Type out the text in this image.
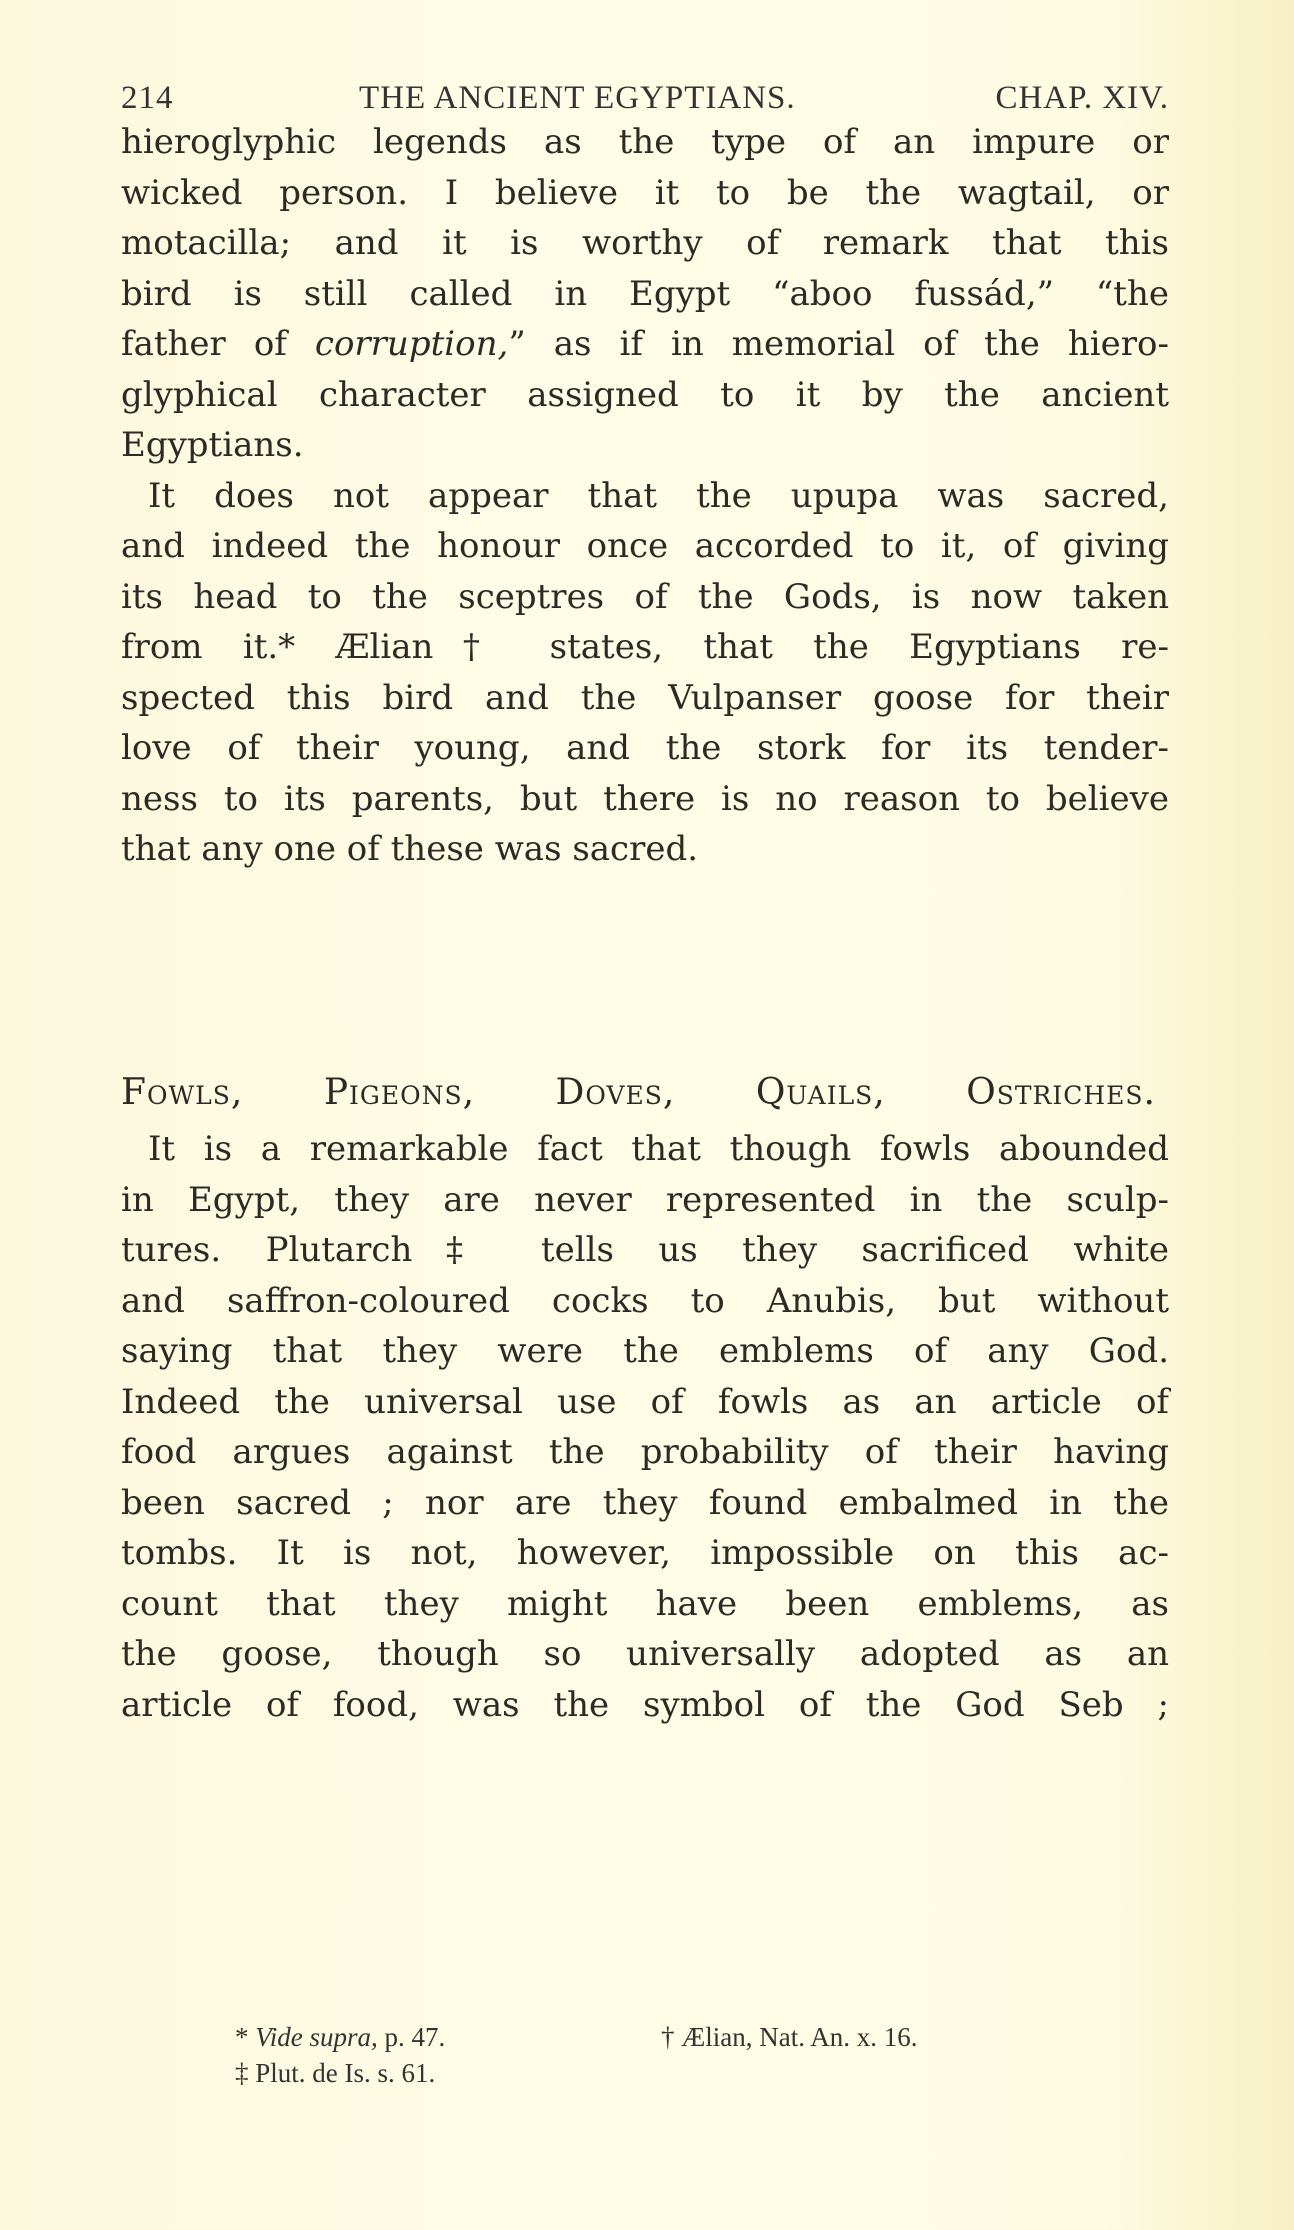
214	THE ANCIENT EGYPTIANS.	CHAP. XIV.
hieroglyphic legends as the type of an impure or
wicked person. I believe it to be the wagtail, or
motacilla; and it is worthy of remark that this
bird is still called in Egypt “aboo fussád,” “the
father of corruption,” as if in memorial of the hiero-
glyphical character assigned to it by the ancient
Egyptians.
It does not appear that the upupa was sacred,
and indeed the honour once accorded to it, of giving
its head to the sceptres of the Gods, is now taken
from it.* Ælian† states, that the Egyptians re-
spected this bird and the Vulpanser goose for their
love of their young, and the stork for its tender-
ness to its parents, but there is no reason to believe
that any one of these was sacred.
Fowls, Pigeons, Doves, Quails, Ostriches.
It is a remarkable fact that though fowls abounded
in Egypt, they are never represented in the sculp-
tures. Plutarch‡ tells us they sacrificed white
and saffron-coloured cocks to Anubis, but without
saying that they were the emblems of any God.
Indeed the universal use of fowls as an article of
food argues against the probability of their having
been sacred ; nor are they found embalmed in the
tombs. It is not, however, impossible on this ac-
count that they might have been emblems, as
the goose, though so universally adopted as an
article of food, was the symbol of the God Seb ;
* Vide supra, p. 47.	† Ælian, Nat. An. x. 16.
‡ Plut. de Is. s. 61.
